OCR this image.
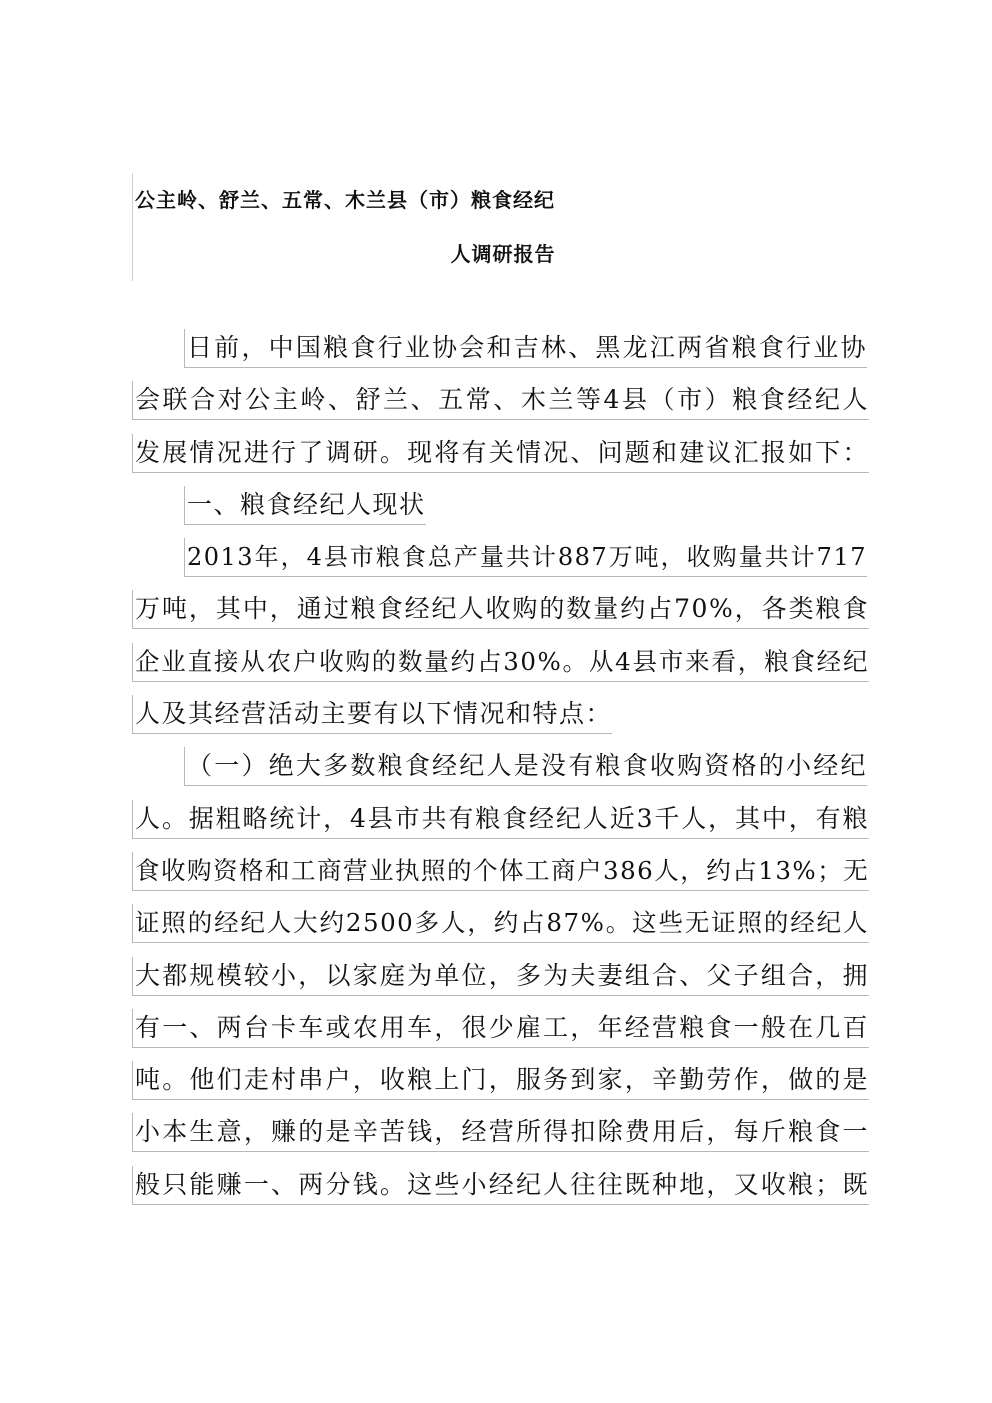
公主岭、舒兰、五常、木兰县（市）粮食经纪
人调研报告
日前，中国粮食行业协会和吉林、黑龙江两省粮食行业协
会联合对公主岭、舒兰、五常、木兰等4县（市）粮食经纪人
发展情况进行了调研。现将有关情况、问题和建议汇报如下：
一、粮食经纪人现状
2013年，4县市粮食总产量共计887万吨，收购量共计717
万吨，其中，通过粮食经纪人收购的数量约占70%，各类粮食
企业直接从农户收购的数量约占30%。从4县市来看，粮食经纪
人及其经营活动主要有以下情况和特点：
（一）绝大多数粮食经纪人是没有粮食收购资格的小经纪
人。据粗略统计，4县市共有粮食经纪人近3千人，其中，有粮
食收购资格和工商营业执照的个体工商户386人，约占13%；无
证照的经纪人大约2500多人，约占87%。这些无证照的经纪人
大都规模较小，以家庭为单位，多为夫妻组合、父子组合，拥
有一、两台卡车或农用车，很少雇工，年经营粮食一般在几百
吨。他们走村串户，收粮上门，服务到家，辛勤劳作，做的是
小本生意，赚的是辛苦钱，经营所得扣除费用后，每斤粮食一
般只能赚一、两分钱。这些小经纪人往往既种地，又收粮；既
